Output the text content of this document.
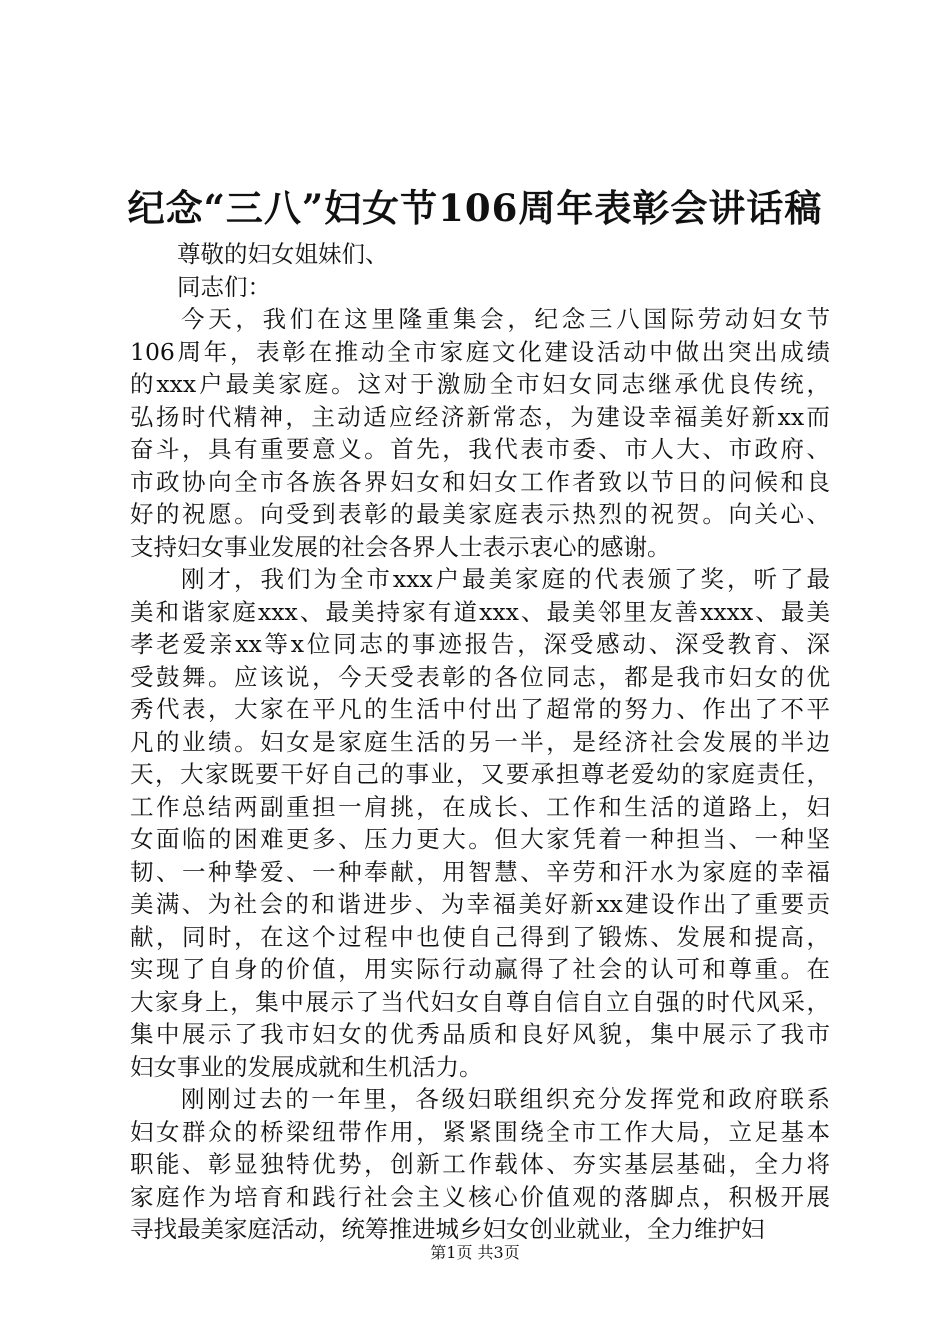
纪念“三八”妇女节106周年表彰会讲话稿

尊敬的妇女姐妹们、

同志们：

今天，我们在这里隆重集会，纪念三八国际劳动妇女节
106周年，表彰在推动全市家庭文化建设活动中做出突出成绩
的xxx户最美家庭。这对于激励全市妇女同志继承优良传统，
弘扬时代精神，主动适应经济新常态，为建设幸福美好新xx而
奋斗，具有重要意义。首先，我代表市委、市人大、市政府、
市政协向全市各族各界妇女和妇女工作者致以节日的问候和良
好的祝愿。向受到表彰的最美家庭表示热烈的祝贺。向关心、
支持妇女事业发展的社会各界人士表示衷心的感谢。
刚才，我们为全市xxx户最美家庭的代表颁了奖，听了最
美和谐家庭xxx、最美持家有道xxx、最美邻里友善xxxx、最美
孝老爱亲xx等x位同志的事迹报告，深受感动、深受教育、深
受鼓舞。应该说，今天受表彰的各位同志，都是我市妇女的优
秀代表，大家在平凡的生活中付出了超常的努力、作出了不平
凡的业绩。妇女是家庭生活的另一半，是经济社会发展的半边
天，大家既要干好自己的事业，又要承担尊老爱幼的家庭责任，
工作总结两副重担一肩挑，在成长、工作和生活的道路上，妇
女面临的困难更多、压力更大。但大家凭着一种担当、一种坚
韧、一种挚爱、一种奉献，用智慧、辛劳和汗水为家庭的幸福
美满、为社会的和谐进步、为幸福美好新xx建设作出了重要贡
献，同时，在这个过程中也使自己得到了锻炼、发展和提高，
实现了自身的价值，用实际行动赢得了社会的认可和尊重。在
大家身上，集中展示了当代妇女自尊自信自立自强的时代风采，
集中展示了我市妇女的优秀品质和良好风貌，集中展示了我市
妇女事业的发展成就和生机活力。
刚刚过去的一年里，各级妇联组织充分发挥党和政府联系
妇女群众的桥梁纽带作用，紧紧围绕全市工作大局，立足基本
职能、彰显独特优势，创新工作载体、夯实基层基础，全力将
家庭作为培育和践行社会主义核心价值观的落脚点，积极开展
寻找最美家庭活动，统筹推进城乡妇女创业就业，全力维护妇
第1页 共3页
